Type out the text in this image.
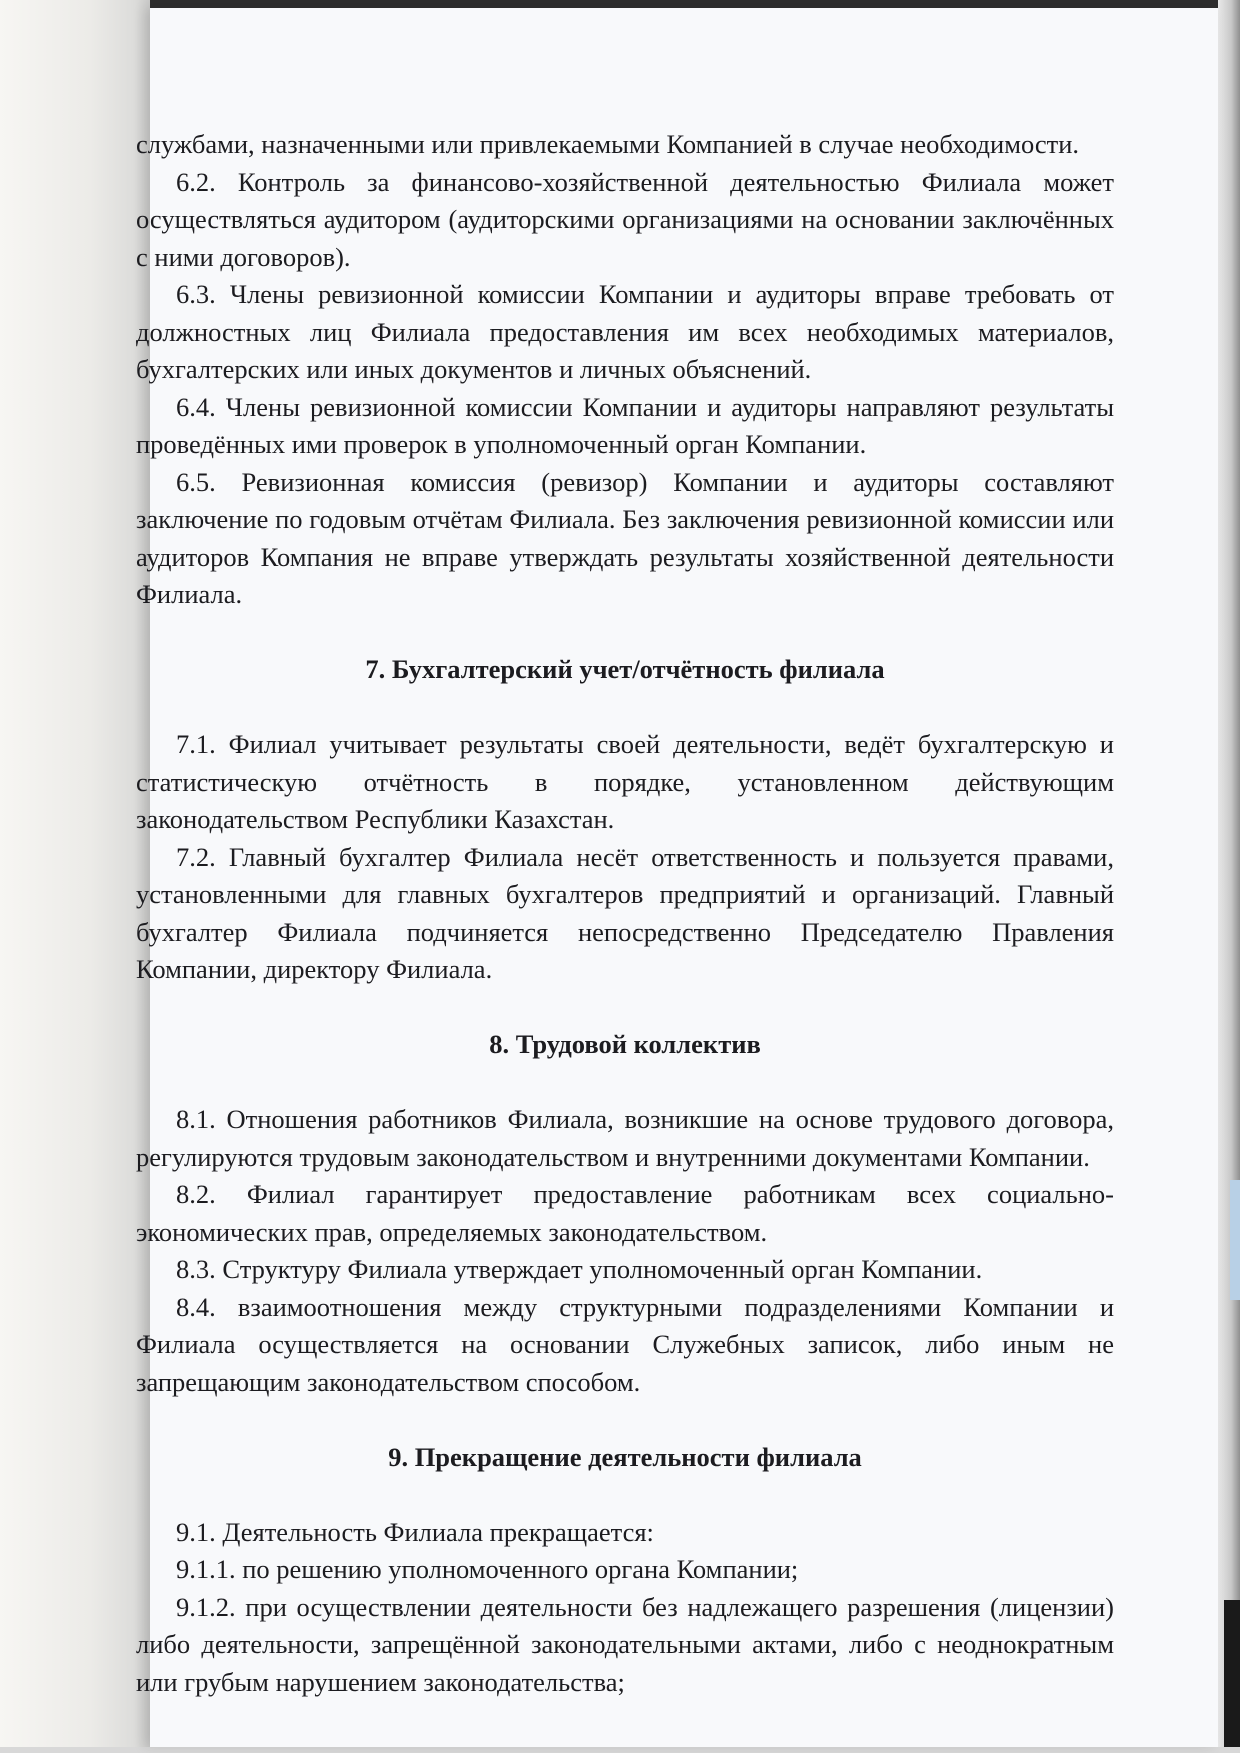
службами, назначенными или привлекаемыми Компанией в случае необходимости.

6.2. Контроль за финансово-хозяйственной деятельностью Филиала может осуществляться аудитором (аудиторскими организациями на основании заключённых с ними договоров).

6.3. Члены ревизионной комиссии Компании и аудиторы вправе требовать от должностных лиц Филиала предоставления им всех необходимых материалов, бухгалтерских или иных документов и личных объяснений.

6.4. Члены ревизионной комиссии Компании и аудиторы направляют результаты проведённых ими проверок в уполномоченный орган Компании.

6.5. Ревизионная комиссия (ревизор) Компании и аудиторы составляют заключение по годовым отчётам Филиала. Без заключения ревизионной комиссии или аудиторов Компания не вправе утверждать результаты хозяйственной деятельности Филиала.

7. Бухгалтерский учет/отчётность филиала

7.1. Филиал учитывает результаты своей деятельности, ведёт бухгалтерскую и статистическую отчётность в порядке, установленном действующим законодательством Республики Казахстан.

7.2. Главный бухгалтер Филиала несёт ответственность и пользуется правами, установленными для главных бухгалтеров предприятий и организаций. Главный бухгалтер Филиала подчиняется непосредственно Председателю Правления Компании, директору Филиала.

8. Трудовой коллектив

8.1. Отношения работников Филиала, возникшие на основе трудового договора, регулируются трудовым законодательством и внутренними документами Компании.

8.2. Филиал гарантирует предоставление работникам всех социально-экономических прав, определяемых законодательством.

8.3. Структуру Филиала утверждает уполномоченный орган Компании.

8.4. взаимоотношения между структурными подразделениями Компании и Филиала осуществляется на основании Служебных записок, либо иным не запрещающим законодательством способом.

9. Прекращение деятельности филиала

9.1. Деятельность Филиала прекращается:

9.1.1. по решению уполномоченного органа Компании;

9.1.2. при осуществлении деятельности без надлежащего разрешения (лицензии) либо деятельности, запрещённой законодательными актами, либо с неоднократным или грубым нарушением законодательства;
